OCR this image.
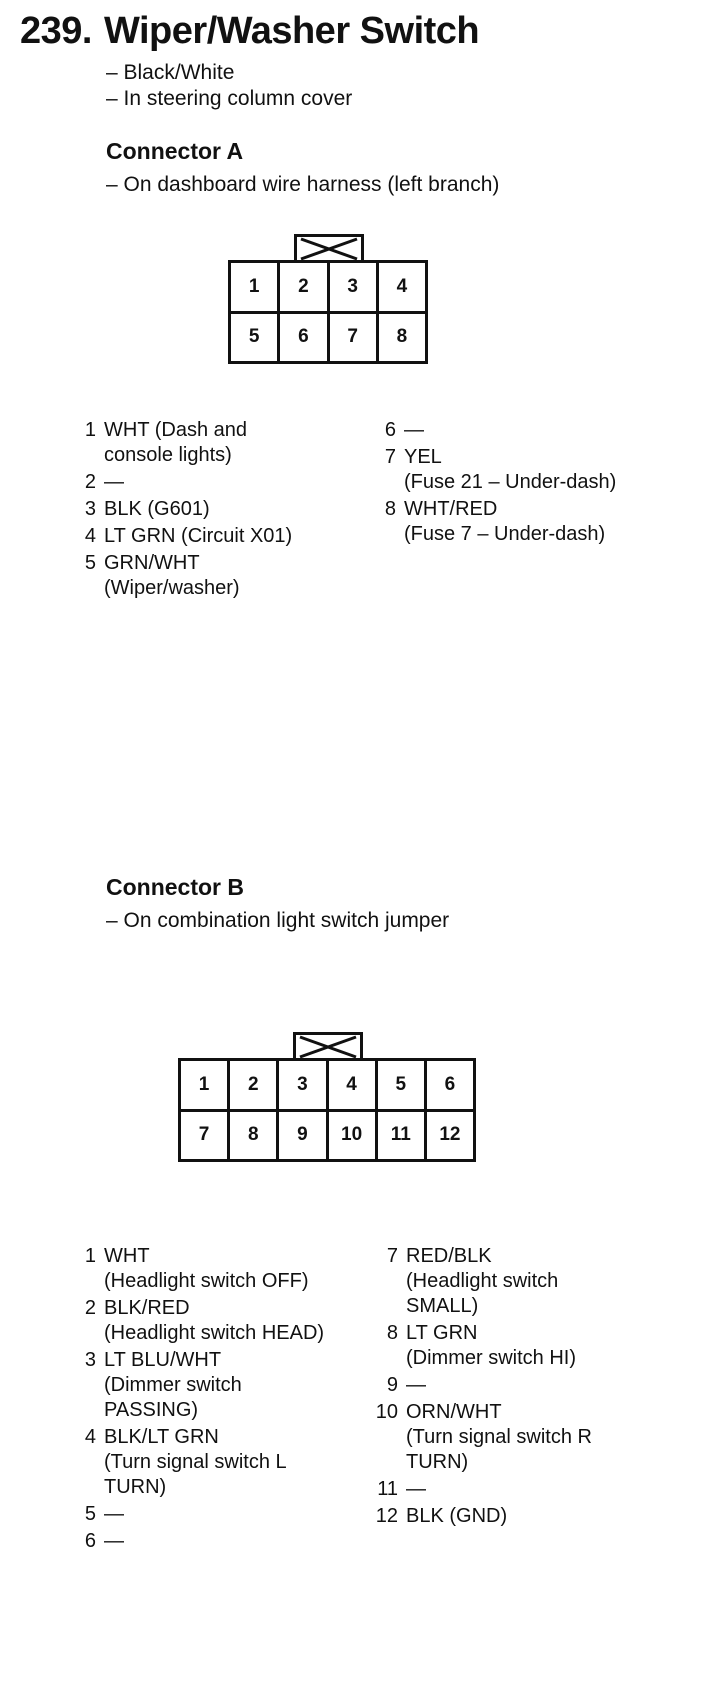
239. Wiper/Washer Switch
– Black/White
– In steering column cover
Connector A
– On dashboard wire harness (left branch)
1	2	3	4
5	6	7	8
1 WHT (Dash and
console lights)
2 —
3 BLK (G601)
4 LT GRN (Circuit X01)
5 GRN/WHT
(Wiper/washer)
6 —
7 YEL
(Fuse 21 – Under-dash)
8 WHT/RED
(Fuse 7 – Under-dash)
Connector B
– On combination light switch jumper
1	2	3	4	5	6
7	8	9	10	11	12
1 WHT
(Headlight switch OFF)
2 BLK/RED
(Headlight switch HEAD)
3 LT BLU/WHT
(Dimmer switch
PASSING)
4 BLK/LT GRN
(Turn signal switch L
TURN)
5 —
6 —
7 RED/BLK
(Headlight switch
SMALL)
8 LT GRN
(Dimmer switch HI)
9 —
10 ORN/WHT
(Turn signal switch R
TURN)
11 —
12 BLK (GND)
